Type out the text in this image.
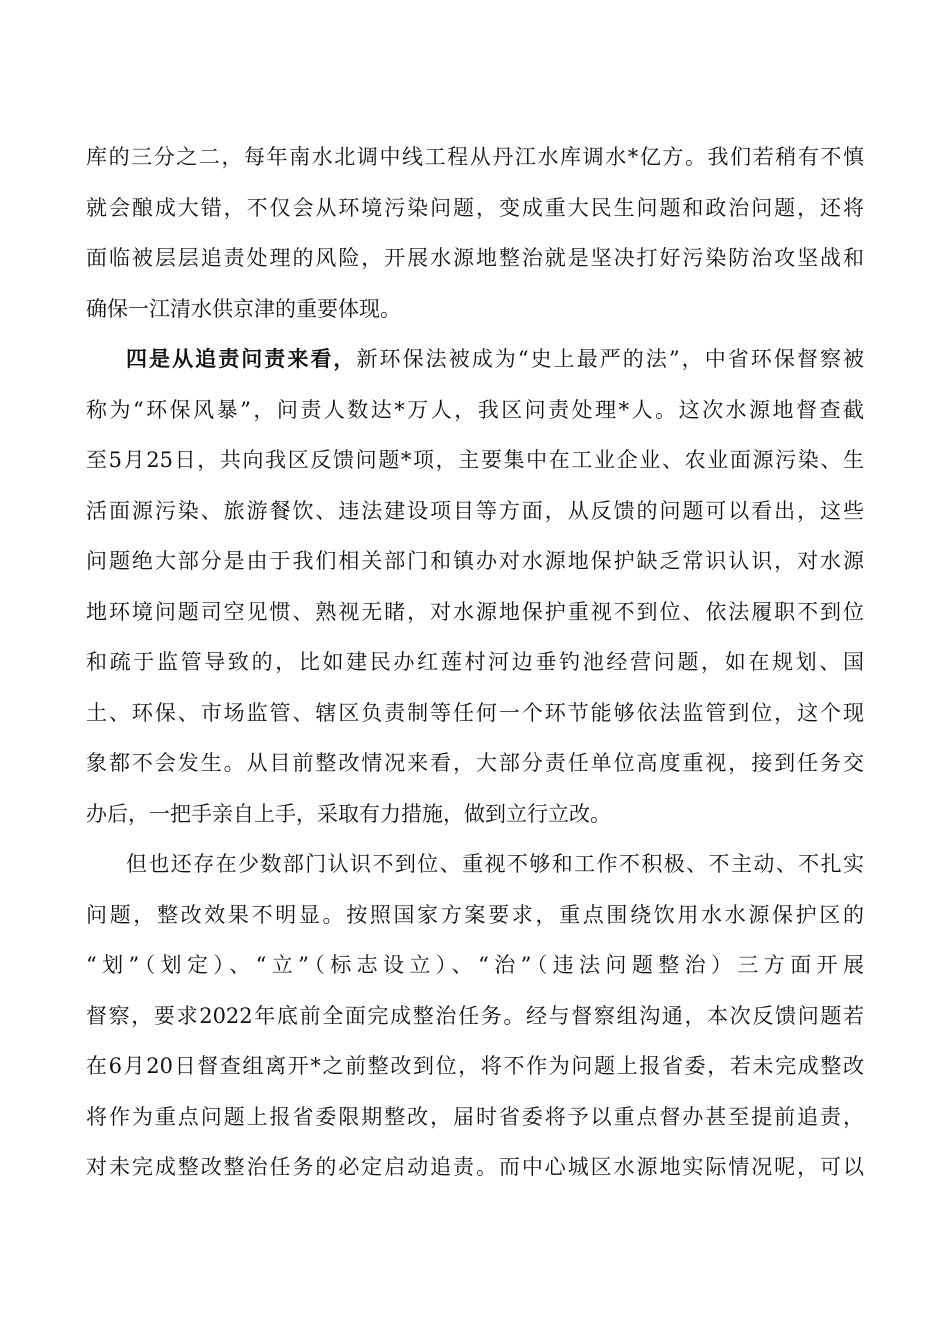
库的三分之二，每年南水北调中线工程从丹江水库调水*亿方。我们若稍有不慎
就会酿成大错，不仅会从环境污染问题，变成重大民生问题和政治问题，还将
面临被层层追责处理的风险，开展水源地整治就是坚决打好污染防治攻坚战和
确保一江清水供京津的重要体现。
四是从追责问责来看，新环保法被成为“史上最严的法”，中省环保督察被
称为“环保风暴”，问责人数达*万人，我区问责处理*人。这次水源地督查截
至5月25日，共向我区反馈问题*项，主要集中在工业企业、农业面源污染、生
活面源污染、旅游餐饮、违法建设项目等方面，从反馈的问题可以看出，这些
问题绝大部分是由于我们相关部门和镇办对水源地保护缺乏常识认识，对水源
地环境问题司空见惯、熟视无睹，对水源地保护重视不到位、依法履职不到位
和疏于监管导致的，比如建民办红莲村河边垂钓池经营问题，如在规划、国
土、环保、市场监管、辖区负责制等任何一个环节能够依法监管到位，这个现
象都不会发生。从目前整改情况来看，大部分责任单位高度重视，接到任务交
办后，一把手亲自上手，采取有力措施，做到立行立改。
但也还存在少数部门认识不到位、重视不够和工作不积极、不主动、不扎实
问题，整改效果不明显。按照国家方案要求，重点围绕饮用水水源保护区的
“划”（划定）、“立”（标志设立）、“治”（违法问题整治）三方面开展
督察，要求2022年底前全面完成整治任务。经与督察组沟通，本次反馈问题若
在6月20日督查组离开*之前整改到位，将不作为问题上报省委，若未完成整改
将作为重点问题上报省委限期整改，届时省委将予以重点督办甚至提前追责，
对未完成整改整治任务的必定启动追责。而中心城区水源地实际情况呢，可以
